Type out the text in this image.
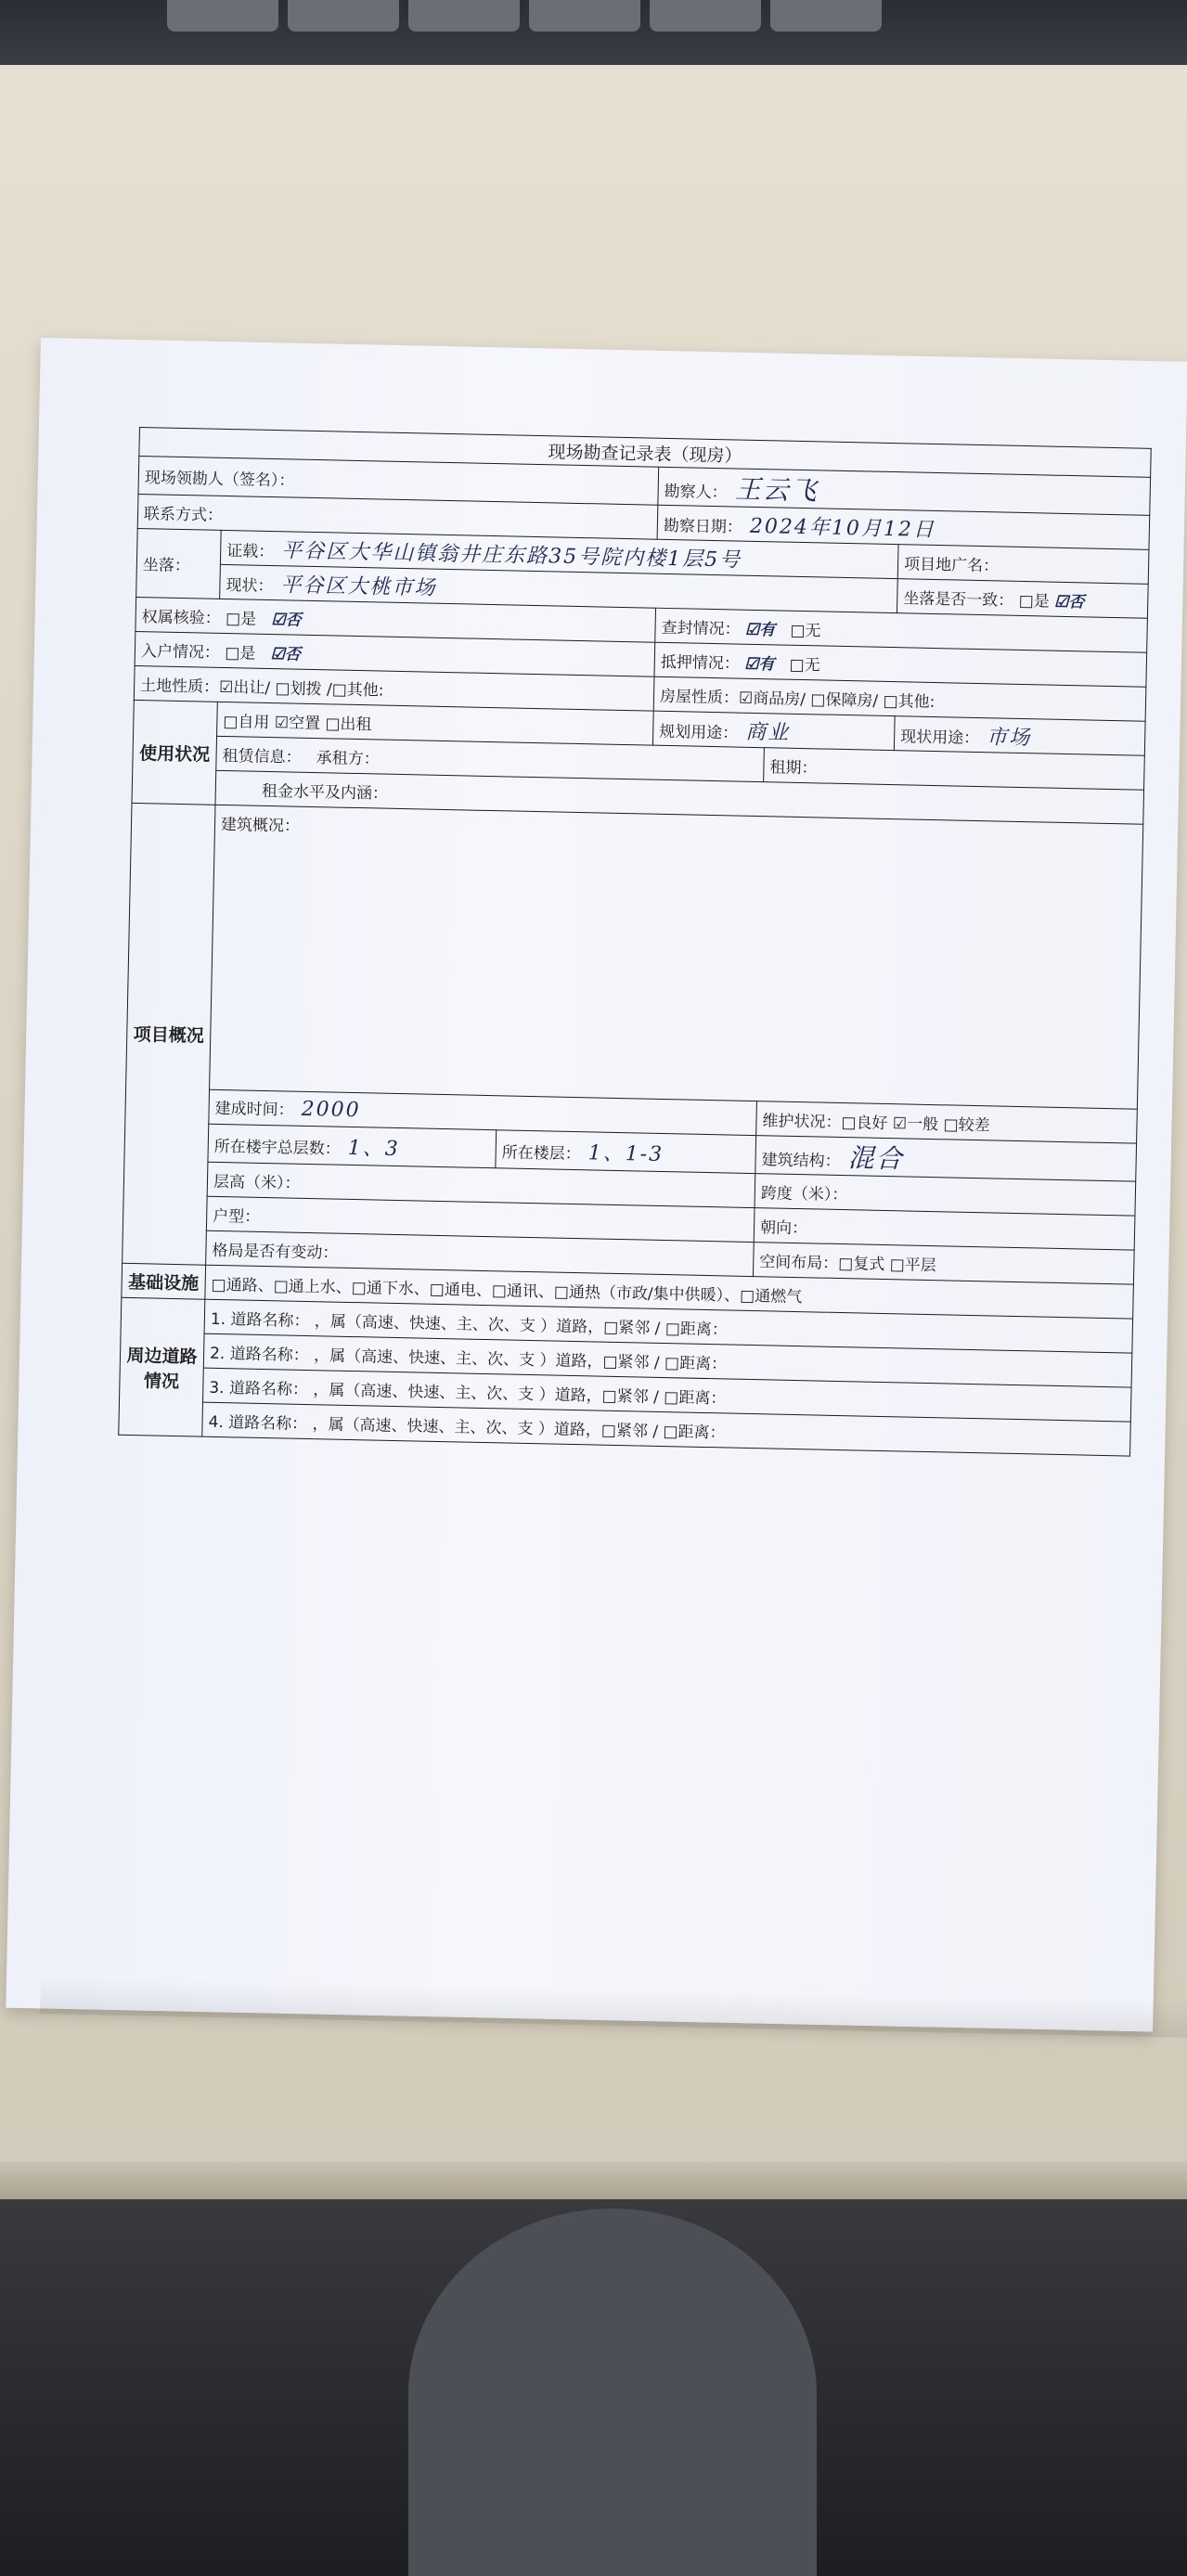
现场勘查记录表（现房）					
现场领勘人（签名）：			勘察人： 王云飞		
联系方式：			勘察日期： 2024年10月12日		
坐落：	证载： 平谷区大华山镇翁井庄东路35号院内楼1层5号				项目地广名：
	现状： 平谷区大桃市场				坐落是否一致： □是 ☑否
权属核验： □是 ☑否			查封情况： ☑有 □无		
入户情况： □是 ☑否			抵押情况： ☑有 □无		
土地性质：☑出让/ □划拨 /□其他:			房屋性质：☑商品房/ □保障房/ □其他:		
使用状况	□自用 ☑空置 □出租		规划用途： 商业		现状用途： 市场
	租赁信息： 承租方：			租期：	
	租金水平及内涵：				
项目概况	建筑概况：				
	建成时间： 2000			维护状况：□良好 ☑一般 □较差	
	所在楼宇总层数： 1、3	所在楼层： 1、1-3		建筑结构： 混合	
	层高（米）：			跨度（米）：	
	户型：			朝向：	
	格局是否有变动：			空间布局：□复式 □平层	
基础设施	□通路、□通上水、□通下水、□通电、□通讯、□通热（市政/集中供暖）、□通燃气				
周边道路情况	1. 道路名称： ，属（高速、快速、主、次、支 ）道路，□紧邻 / □距离：				
	2. 道路名称： ，属（高速、快速、主、次、支 ）道路，□紧邻 / □距离：				
	3. 道路名称： ，属（高速、快速、主、次、支 ）道路，□紧邻 / □距离：				
	4. 道路名称： ，属（高速、快速、主、次、支 ）道路，□紧邻 / □距离：				
